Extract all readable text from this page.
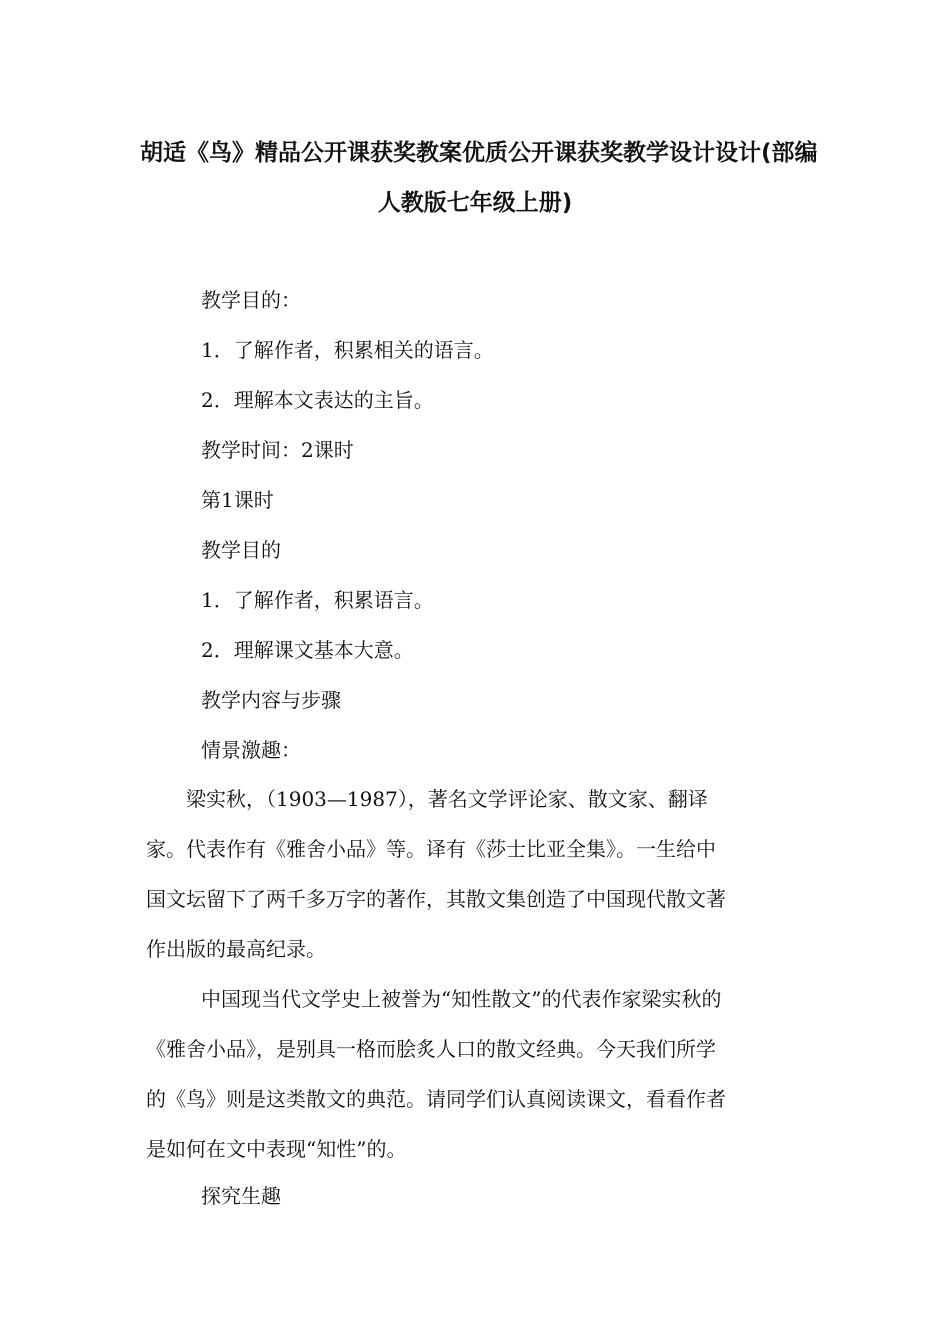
胡适《鸟》精品公开课获奖教案优质公开课获奖教学设计设计(部编
人教版七年级上册)

教学目的：

1．了解作者，积累相关的语言。

2．理解本文表达的主旨。

教学时间：2课时

第1课时

教学目的

1．了解作者，积累语言。

2．理解课文基本大意。

教学内容与步骤

情景激趣：

梁实秋，（1903—1987），著名文学评论家、散文家、翻译
家。代表作有《雅舍小品》等。译有《莎士比亚全集》。一生给中
国文坛留下了两千多万字的著作，其散文集创造了中国现代散文著
作出版的最高纪录。
中国现当代文学史上被誉为“知性散文”的代表作家梁实秋的
《雅舍小品》，是别具一格而脍炙人口的散文经典。今天我们所学
的《鸟》则是这类散文的典范。请同学们认真阅读课文，看看作者
是如何在文中表现“知性”的。

探究生趣
